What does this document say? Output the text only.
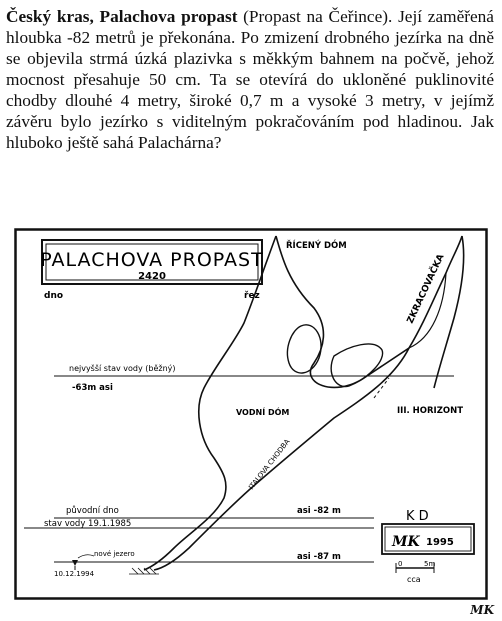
Český kras, Palachova propast (Propast na Čeřince). Její zaměřená hloubka -82 metrů je překonána. Po zmizení drobného jezírka na dně se objevila strmá úzká plazivka s měkkým bahnem na počvě, jehož mocnost přesahuje 50 cm. Ta se otevírá do ukloněné puklinovité chodby dlouhé 4 metry, široké 0,7 m a vysoké 3 metry, v jejímž závěru bylo jezírko s viditelným pokračováním pod hladinou. Jak hluboko ještě sahá Palachárna?
PALACHOVA PROPAST
2420
dno	řez
ŘÍCENÝ DÓM
ZKRACOVAČKA
nejvyšší stav vody (běžný)
-63m asi
VODNÍ DÓM	III. HORIZONT
ITALOVA CHODBA
původní dno	asi -82 m
stav vody 19.1.1985
asi -87 m
nové jezero
10.12.1994
K D
MK 1995
0	5m
cca
MK
